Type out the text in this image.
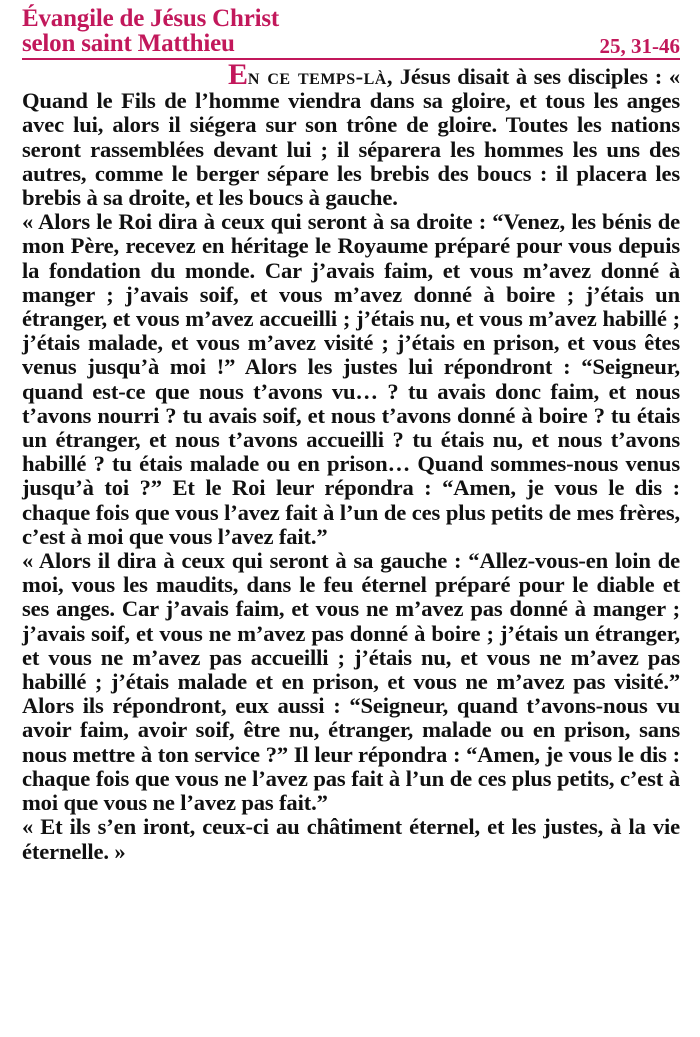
Évangile de Jésus Christ
selon saint Matthieu	25, 31-46

En ce temps-là, Jésus disait à ses disciples : « Quand le Fils de l’homme viendra dans sa gloire, et tous les anges avec lui, alors il siégera sur son trône de gloire. Toutes les nations seront rassemblées devant lui ; il séparera les hommes les uns des autres, comme le berger sépare les brebis des boucs : il placera les brebis à sa droite, et les boucs à gauche.

« Alors le Roi dira à ceux qui seront à sa droite : “Venez, les bénis de mon Père, recevez en héritage le Royaume préparé pour vous depuis la fondation du monde. Car j’avais faim, et vous m’avez donné à manger ; j’avais soif, et vous m’avez donné à boire ; j’étais un étranger, et vous m’avez accueilli ; j’étais nu, et vous m’avez habillé ; j’étais malade, et vous m’avez visité ; j’étais en prison, et vous êtes venus jusqu’à moi !” Alors les justes lui répondront : “Seigneur, quand est-ce que nous t’avons vu… ? tu avais donc faim, et nous t’avons nourri ? tu avais soif, et nous t’avons donné à boire ? tu étais un étranger, et nous t’avons accueilli ? tu étais nu, et nous t’avons habillé ? tu étais malade ou en prison… Quand sommes-nous venus jusqu’à toi ?” Et le Roi leur répondra : “Amen, je vous le dis : chaque fois que vous l’avez fait à l’un de ces plus petits de mes frères, c’est à moi que vous l’avez fait.”

« Alors il dira à ceux qui seront à sa gauche : “Allez-vous-en loin de moi, vous les maudits, dans le feu éternel préparé pour le diable et ses anges. Car j’avais faim, et vous ne m’avez pas donné à manger ; j’avais soif, et vous ne m’avez pas donné à boire ; j’étais un étranger, et vous ne m’avez pas accueilli ; j’étais nu, et vous ne m’avez pas habillé ; j’étais malade et en prison, et vous ne m’avez pas visité.” Alors ils répondront, eux aussi : “Seigneur, quand t’avons-nous vu avoir faim, avoir soif, être nu, étranger, malade ou en prison, sans nous mettre à ton service ?” Il leur répondra : “Amen, je vous le dis : chaque fois que vous ne l’avez pas fait à l’un de ces plus petits, c’est à moi que vous ne l’avez pas fait.”

« Et ils s’en iront, ceux-ci au châtiment éternel, et les justes, à la vie éternelle. »
